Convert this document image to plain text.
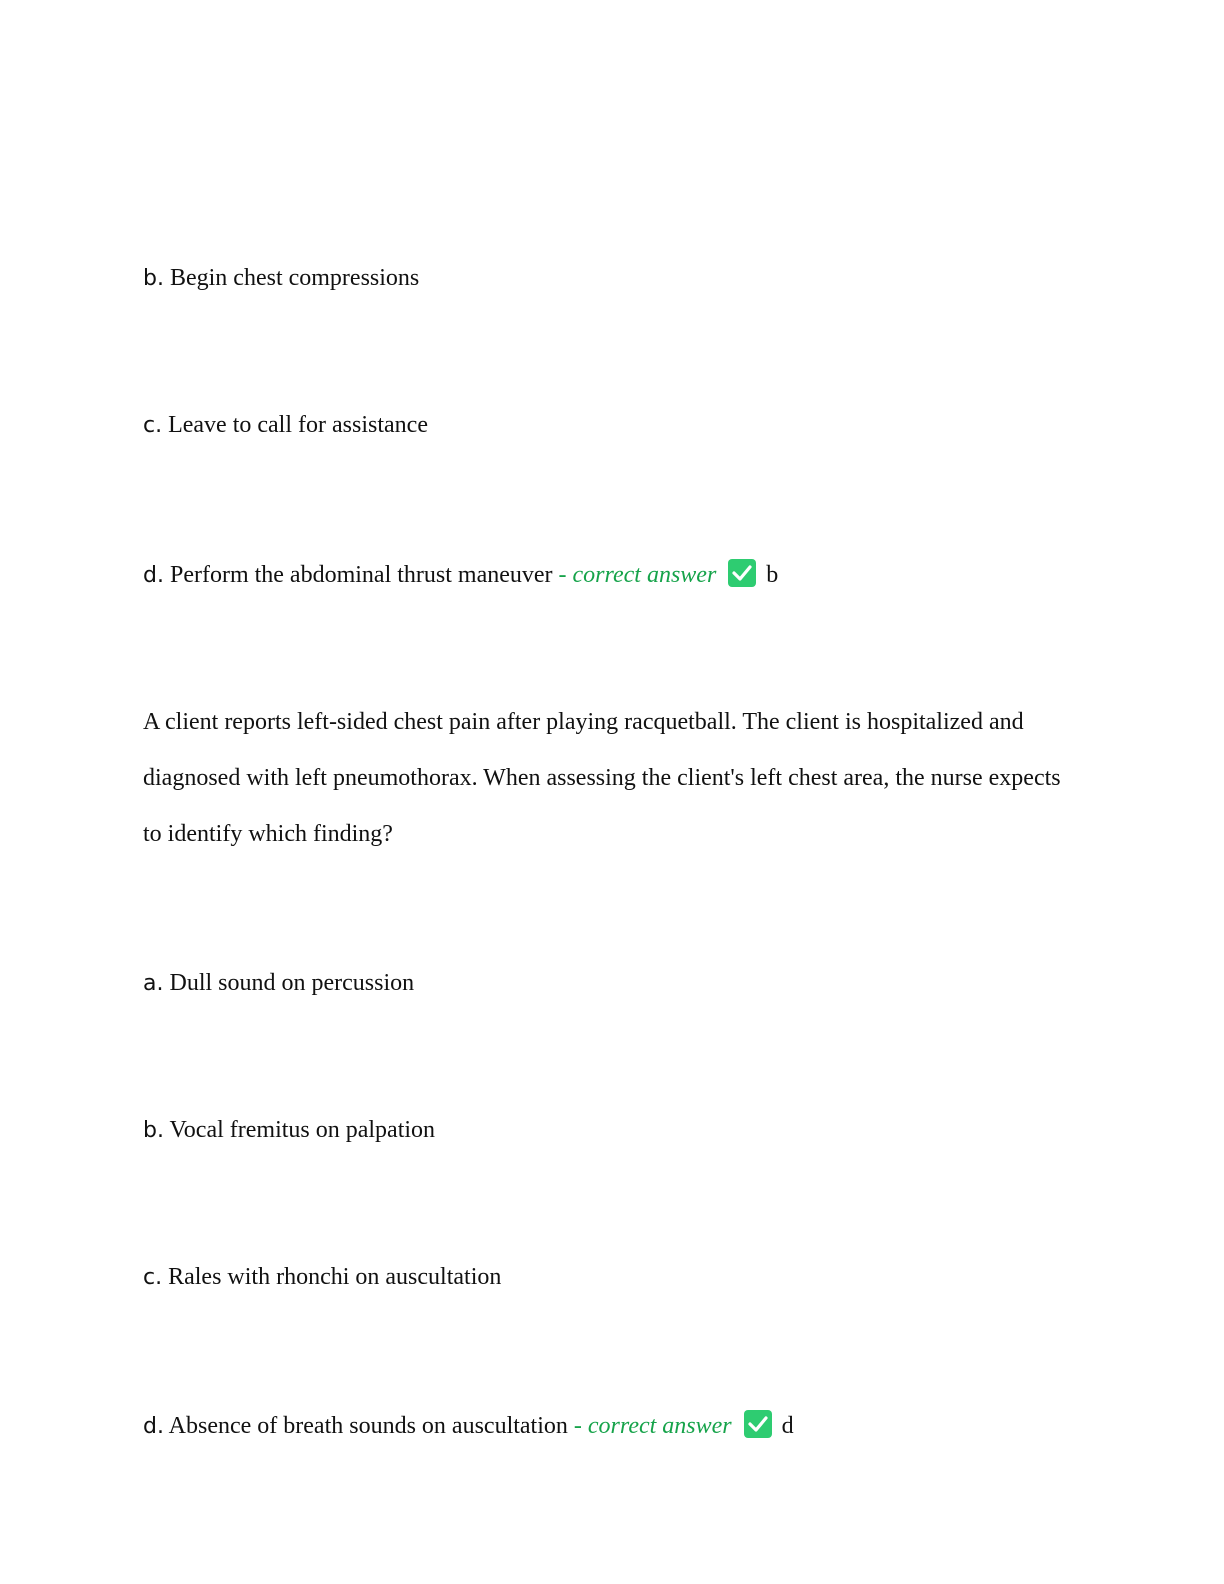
b. Begin chest compressions
c. Leave to call for assistance
d. Perform the abdominal thrust maneuver - correct answer b
A client reports left-sided chest pain after playing racquetball. The client is hospitalized and diagnosed with left pneumothorax. When assessing the client's left chest area, the nurse expects to identify which finding?
a. Dull sound on percussion
b. Vocal fremitus on palpation
c. Rales with rhonchi on auscultation
d. Absence of breath sounds on auscultation - correct answer d
